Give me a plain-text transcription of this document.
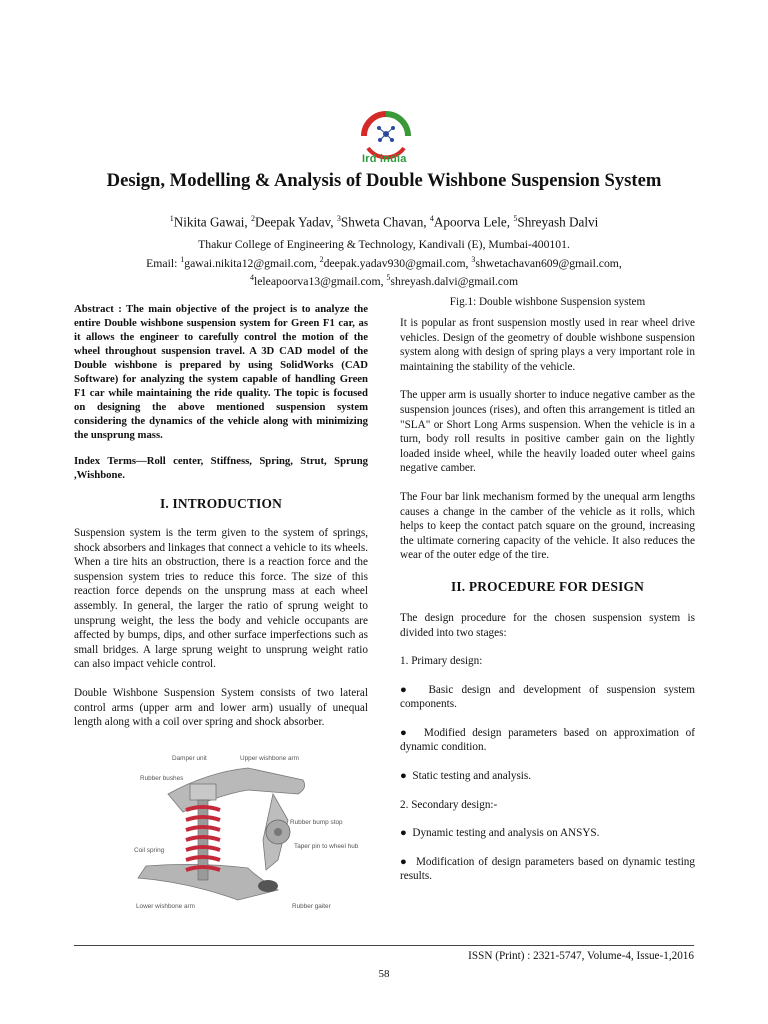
Ird india
Design, Modelling & Analysis of Double Wishbone Suspension System
$^1$Nikita Gawai, $^2$Deepak Yadav, $^3$Shweta Chavan, $^4$Apoorva Lele, $^5$Shreyash Dalvi
Thakur College of Engineering & Technology, Kandivali (E), Mumbai-400101.
Email: $^1$gawai.nikita12@gmail.com, $^2$deepak.yadav930@gmail.com, $^3$shwetachavan609@gmail.com,
$^4$leleapoorva13@gmail.com, $^5$shreyash.dalvi@gmail.com

Abstract : The main objective of the project is to analyze the entire Double wishbone suspension system for Green F1 car, as it allows the engineer to carefully control the motion of the wheel throughout suspension travel. A 3D CAD model of the Double wishbone is prepared by using SolidWorks (CAD Software) for analyzing the system capable of handling Green F1 car while maintaining the ride quality. The topic is focused on designing the above mentioned suspension system considering the dynamics of the vehicle along with minimizing the unsprung mass.

Index Terms—Roll center, Stiffness, Spring, Strut, Sprung ,Wishbone.

I. INTRODUCTION

Suspension system is the term given to the system of springs, shock absorbers and linkages that connect a vehicle to its wheels. When a tire hits an obstruction, there is a reaction force and the suspension system tries to reduce this force. The size of this reaction force depends on the unsprung mass at each wheel assembly. In general, the larger the ratio of sprung weight to unsprung weight, the less the body and vehicle occupants are affected by bumps, dips, and other surface imperfections such as small bridges. A large sprung weight to unsprung weight ratio can also impact vehicle control.

Double Wishbone Suspension System consists of two lateral control arms (upper arm and lower arm) usually of unequal length along with a coil over spring and shock absorber.

Damper unit	Upper wishbone arm
Rubber bushes
Rubber bump stop
Coil spring
Taper pin to wheel hub
Lower wishbone arm	Rubber gaiter

Fig.1: Double wishbone Suspension system

It is popular as front suspension mostly used in rear wheel drive vehicles. Design of the geometry of double wishbone suspension system along with design of spring plays a very important role in maintaining the stability of the vehicle.

The upper arm is usually shorter to induce negative camber as the suspension jounces (rises), and often this arrangement is titled an "SLA" or Short Long Arms suspension. When the vehicle is in a turn, body roll results in positive camber gain on the lightly loaded inside wheel, while the heavily loaded outer wheel gains negative camber.

The Four bar link mechanism formed by the unequal arm lengths causes a change in the camber of the vehicle as it rolls, which helps to keep the contact patch square on the ground, increasing the ultimate cornering capacity of the vehicle. It also reduces the wear of the outer edge of the tire.

II. PROCEDURE FOR DESIGN

The design procedure for the chosen suspension system is divided into two stages:

1. Primary design:

●  Basic design and development of suspension system components.

●  Modified design parameters based on approximation of dynamic condition.

●  Static testing and analysis.

2. Secondary design:-

●  Dynamic testing and analysis on ANSYS.

●  Modification of design parameters based on dynamic testing results.

ISSN (Print) : 2321-5747, Volume-4, Issue-1,2016
58
